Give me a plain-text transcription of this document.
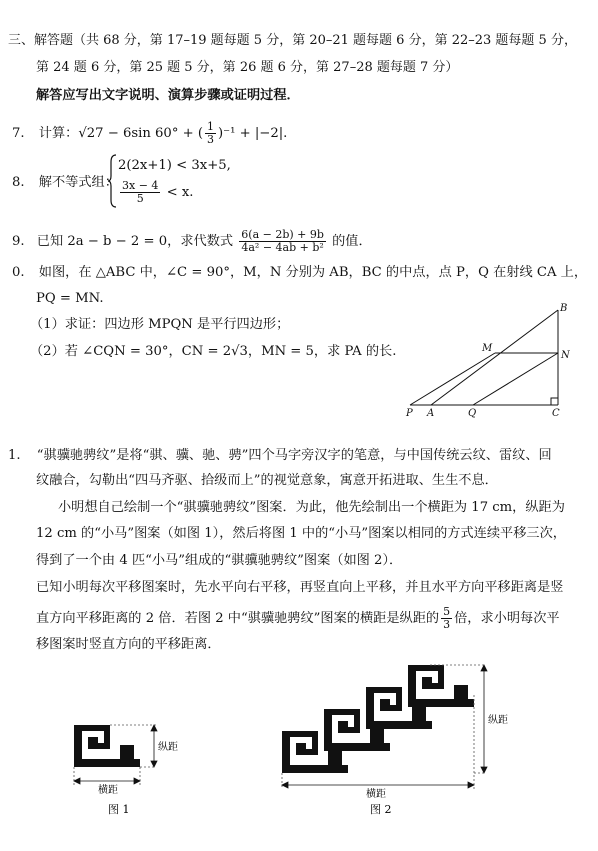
三、解答题（共 68 分，第 17–19 题每题 5 分，第 20–21 题每题 6 分，第 22–23 题每题 5 分，
第 24 题 6 分，第 25 题 5 分，第 26 题 6 分，第 27–28 题每题 7 分）
解答应写出文字说明、演算步骤或证明过程．
7. 计算：√27 − 6sin 60° + ( $\frac{1}{3} )^{-1} + |-2|$.
8. 解不等式组：
2(2x+1) < 3x+5,
$\frac{3x - 4}{5} < x$.
9. 已知 2a − b − 2 = 0，求代数式 $\frac{6(a - 2b) + 9b}{\text{4a² − 4ab + b²}}$ 的值．
0. 如图，在 △ABC 中，∠C = 90°，M，N 分别为 AB，BC 的中点，点 P，Q 在射线 CA 上，
PQ = MN.
（1）求证：四边形 MPQN 是平行四边形；
（2）若 ∠CQN = 30°，CN = 2√3，MN = 5，求 PA 的长.
B
M
N
P A	Q	C
1. “骐骥驰骋纹”是将“骐、骥、驰、骋”四个马字旁汉字的笔意，与中国传统云纹、雷纹、回
纹融合，勾勒出“四马齐驱、拾级而上”的视觉意象，寓意开拓进取、生生不息．
小明想自己绘制一个“骐骥驰骋纹”图案．为此，他先绘制出一个横距为 17 cm，纵距为
12 cm 的“小马”图案（如图 1），然后将图 1 中的“小马”图案以相同的方式连续平移三次，
得到了一个由 4 匹“小马”组成的“骐骥驰骋纹”图案（如图 2）．
已知小明每次平移图案时，先水平向右平移，再竖直向上平移，并且水平方向平移距离是竖
直方向平移距离的 2 倍．若图 2 中“骐骥驰骋纹”图案的横距是纵距的 $\frac{5}{3}$ 倍，求小明每次平
移图案时竖直方向的平移距离．
纵距
横距
图 1
纵距
横距
图 2
